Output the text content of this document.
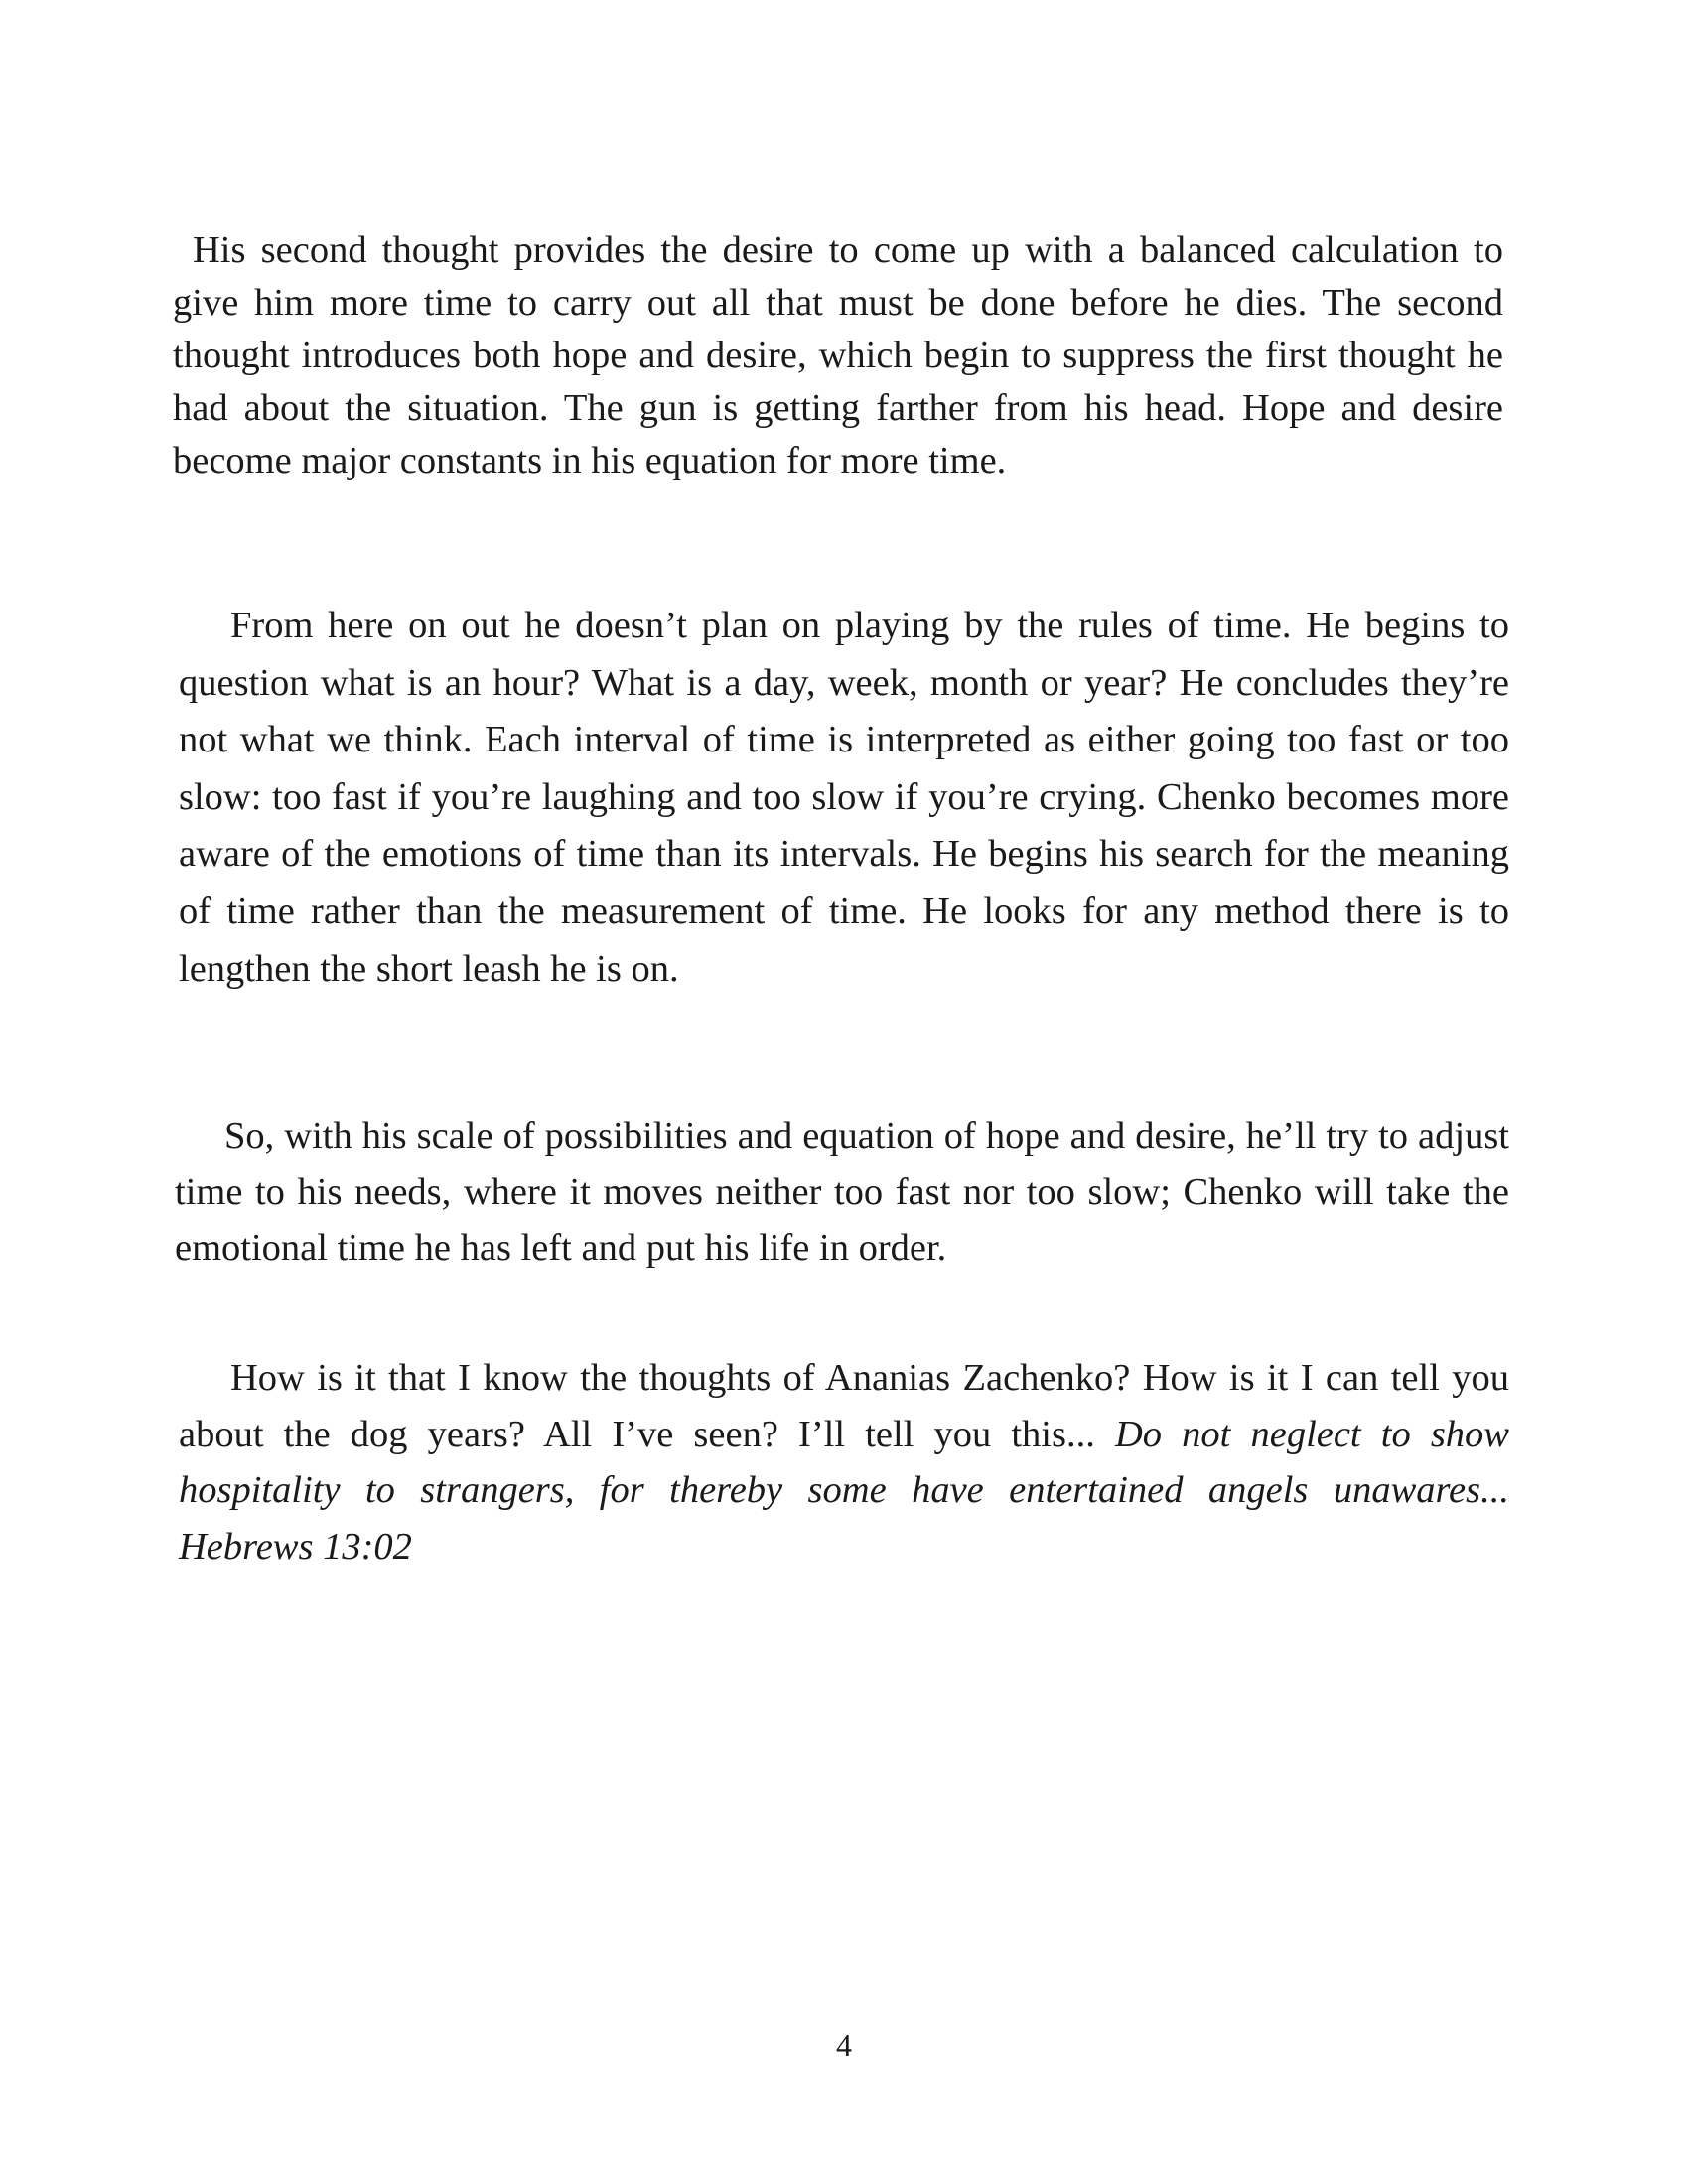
His second thought provides the desire to come up with a balanced calculation to give him more time to carry out all that must be done before he dies. The second thought introduces both hope and desire, which begin to suppress the first thought he had about the situation. The gun is getting farther from his head. Hope and desire become major constants in his equation for more time.

From here on out he doesn’t plan on playing by the rules of time. He begins to question what is an hour? What is a day, week, month or year? He concludes they’re not what we think. Each interval of time is interpreted as either going too fast or too slow: too fast if you’re laughing and too slow if you’re crying. Chenko becomes more aware of the emotions of time than its intervals. He begins his search for the meaning of time rather than the measurement of time. He looks for any method there is to lengthen the short leash he is on.

So, with his scale of possibilities and equation of hope and desire, he’ll try to adjust time to his needs, where it moves neither too fast nor too slow; Chenko will take the emotional time he has left and put his life in order.

How is it that I know the thoughts of Ananias Zachenko? How is it I can tell you about the dog years? All I’ve seen? I’ll tell you this... Do not neglect to show hospitality to strangers, for thereby some have entertained angels unawares... Hebrews 13:02

4
